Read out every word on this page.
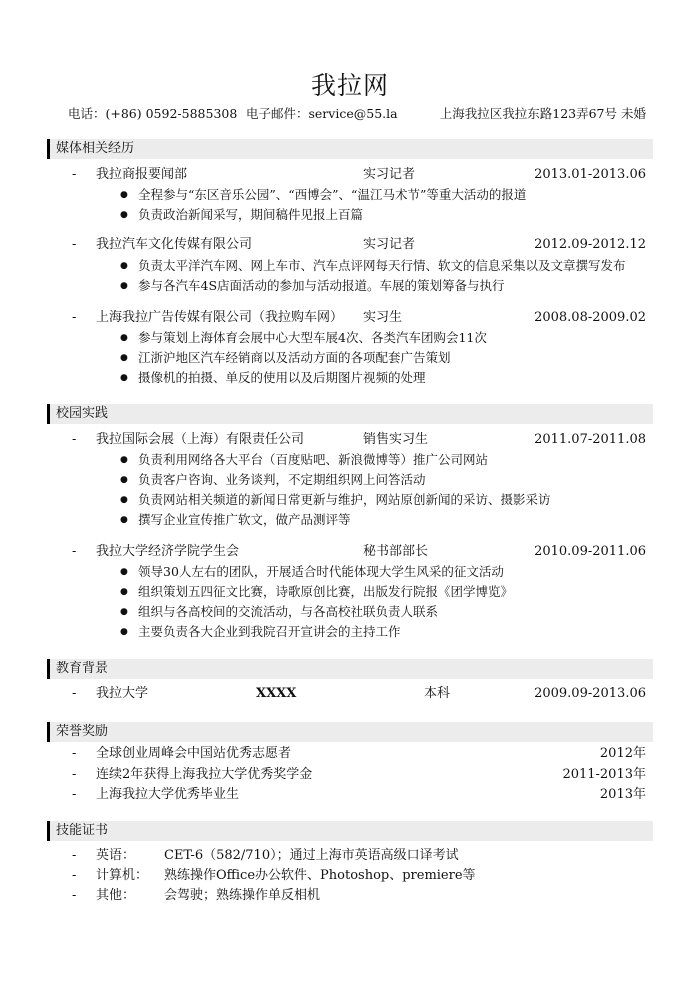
我拉网
电话：(+86) 0592-5885308 电子邮件：service@55.la	上海我拉区我拉东路123弄67号 未婚
媒体相关经历
- 我拉商报要闻部	实习记者	2013.01-2013.06
● 全程参与“东区音乐公园”、“西博会”、“温江马术节”等重大活动的报道
● 负责政治新闻采写，期间稿件见报上百篇
- 我拉汽车文化传媒有限公司	实习记者	2012.09-2012.12
● 负责太平洋汽车网、网上车市、汽车点评网每天行情、软文的信息采集以及文章撰写发布
● 参与各汽车4S店面活动的参加与活动报道。车展的策划筹备与执行
- 上海我拉广告传媒有限公司（我拉购车网） 实习生	2008.08-2009.02
● 参与策划上海体育会展中心大型车展4次、各类汽车团购会11次
● 江浙沪地区汽车经销商以及活动方面的各项配套广告策划
● 摄像机的拍摄、单反的使用以及后期图片视频的处理
校园实践
- 我拉国际会展（上海）有限责任公司	销售实习生	2011.07-2011.08
● 负责利用网络各大平台（百度贴吧、新浪微博等）推广公司网站
● 负责客户咨询、业务谈判，不定期组织网上问答活动
● 负责网站相关频道的新闻日常更新与维护，网站原创新闻的采访、摄影采访
● 撰写企业宣传推广软文，做产品测评等
- 我拉大学经济学院学生会	秘书部部长	2010.09-2011.06
● 领导30人左右的团队，开展适合时代能体现大学生风采的征文活动
● 组织策划五四征文比赛，诗歌原创比赛，出版发行院报《团学博览》
● 组织与各高校间的交流活动，与各高校社联负责人联系
● 主要负责各大企业到我院召开宣讲会的主持工作
教育背景
- 我拉大学	XXXX	本科	2009.09-2013.06
荣誉奖励
- 全球创业周峰会中国站优秀志愿者	2012年
- 连续2年获得上海我拉大学优秀奖学金	2011-2013年
- 上海我拉大学优秀毕业生	2013年
技能证书
- 英语： CET-6（582/710）；通过上海市英语高级口译考试
- 计算机： 熟练操作Office办公软件、Photoshop、premiere等
- 其他： 会驾驶；熟练操作单反相机
